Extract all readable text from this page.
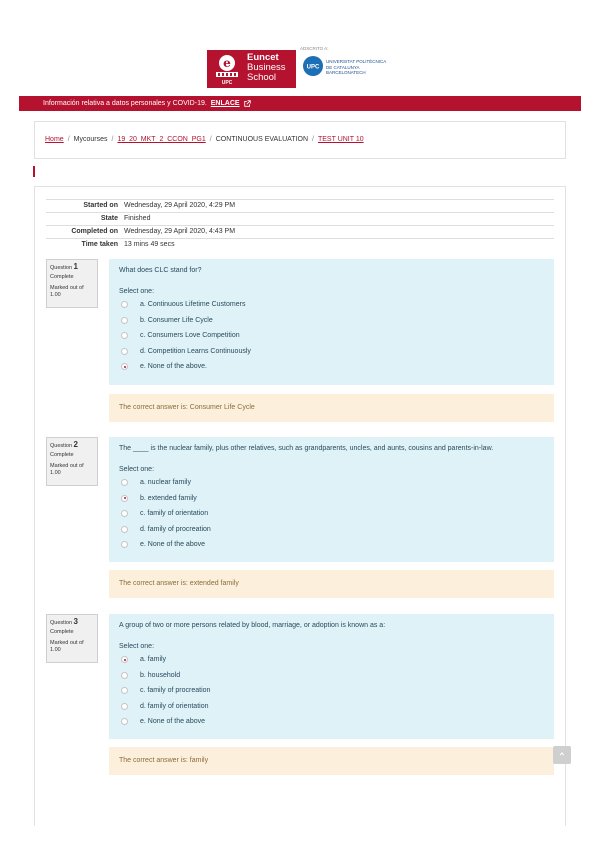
e
UPC
Euncet
Business
School
ADSCRITO A:
UPC
UNIVERSITAT POLITÈCNICA
DE CATALUNYA
BARCELONATECH
Información relativa a datos personales y COVID-19. ENLACE
Home / Mycourses / 19_20_MKT_2_CCON_PG1 / CONTINUOUS EVALUATION / TEST UNIT 10
Started on Wednesday, 29 April 2020, 4:29 PM
State Finished
Completed on Wednesday, 29 April 2020, 4:43 PM
Time taken 13 mins 49 secs
Question 1
Complete
Marked out of
1.00
What does CLC stand for?
Select one:
a. Continuous Lifetime Customers
b. Consumer Life Cycle
c. Consumers Love Competition
d. Competition Learns Continuously
e. None of the above.
The correct answer is: Consumer Life Cycle
Question 2
Complete
Marked out of
1.00
The ____ is the nuclear family, plus other relatives, such as grandparents, uncles, and aunts, cousins and parents-in-law.
Select one:
a. nuclear family
b. extended family
c. family of orientation
d. family of procreation
e. None of the above
The correct answer is: extended family
Question 3
Complete
Marked out of
1.00
A group of two or more persons related by blood, marriage, or adoption is known as a:
Select one:
a. family
b. household
c. family of procreation
d. family of orientation
e. None of the above
The correct answer is: family
